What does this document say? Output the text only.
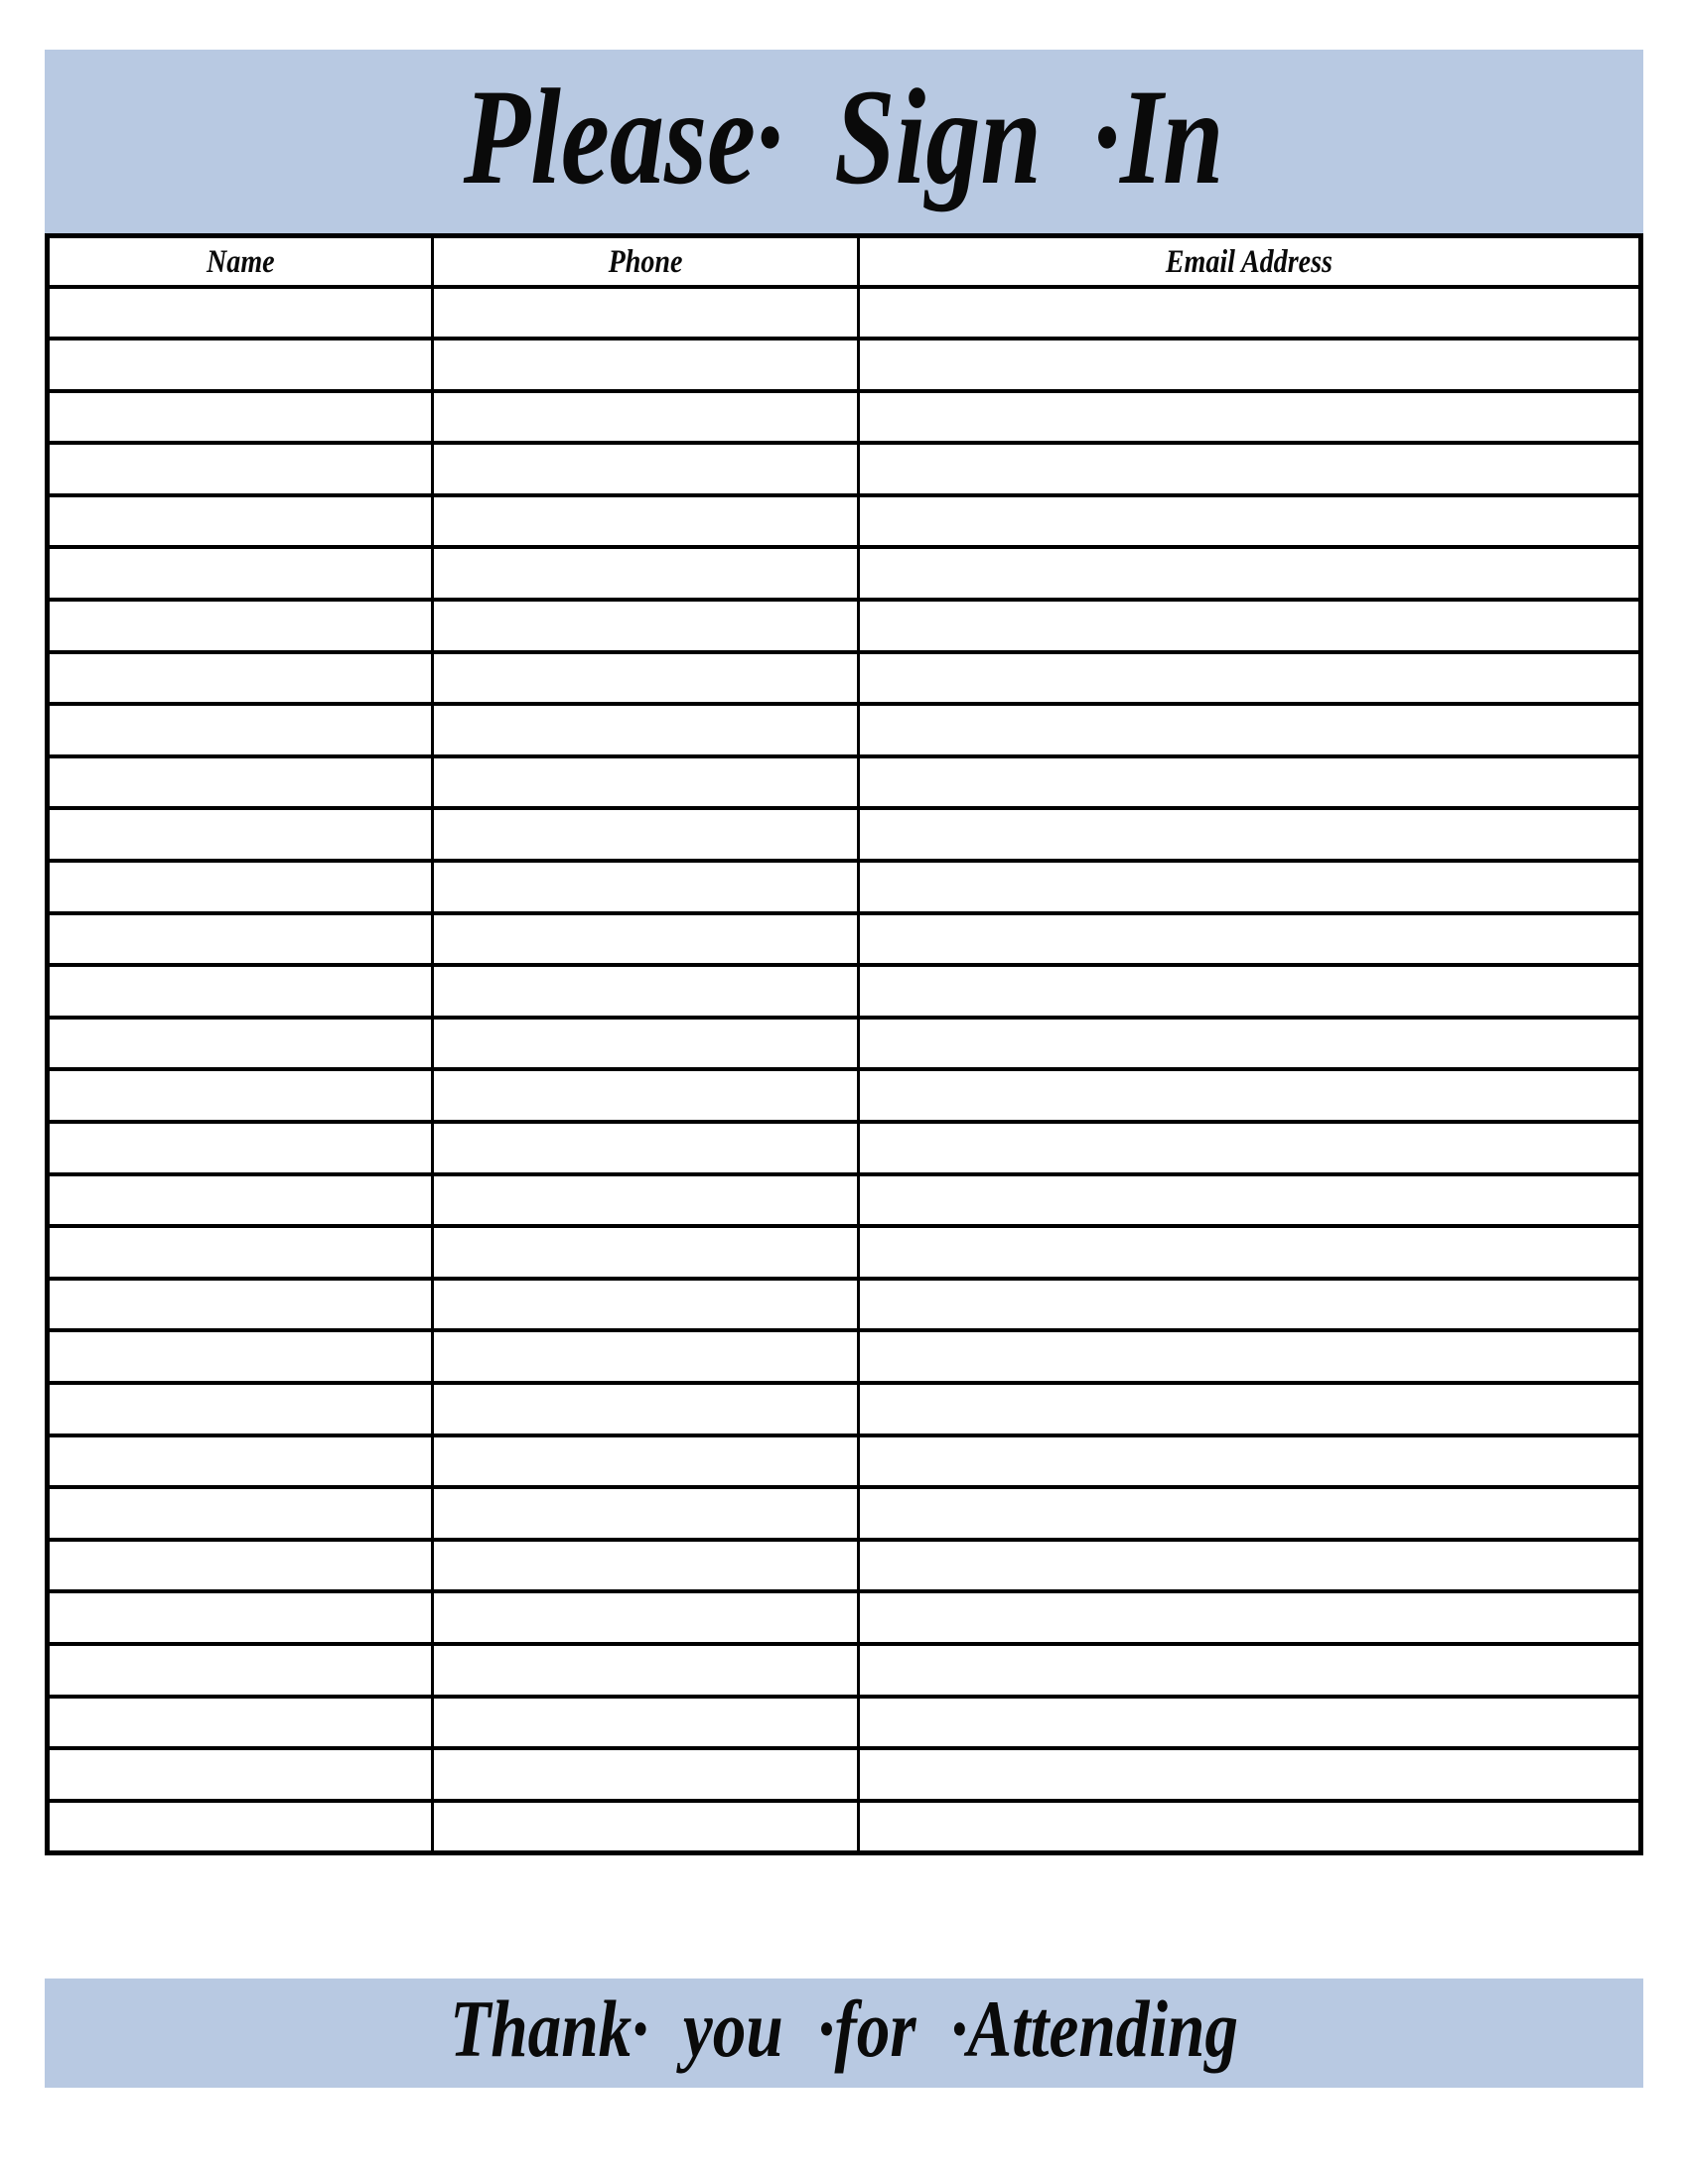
Please· Sign ·In
Name	Phone	Email Address

Thank· you ·for ·Attending
